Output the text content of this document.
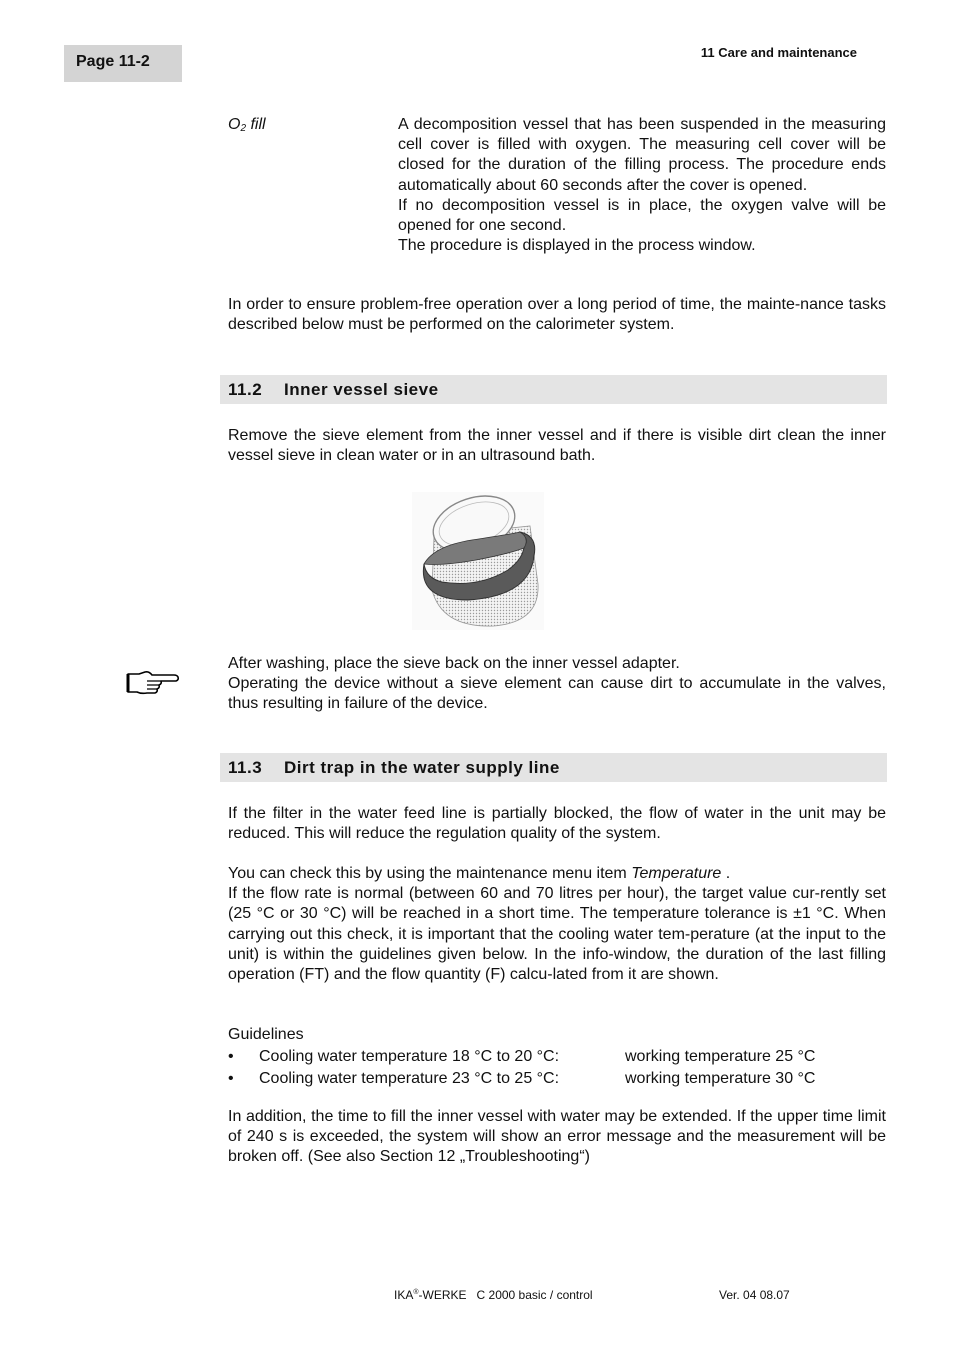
Page 11-2
11 Care and maintenance
$O_2$ fill	A decomposition vessel that has been suspended in the measuring cell cover is filled with oxygen. The measuring cell cover will be closed for the duration of the filling process. The procedure ends automatically about 60 seconds after the cover is opened.
If no decomposition vessel is in place, the oxygen valve will be opened for one second.
The procedure is displayed in the process window.
In order to ensure problem-free operation over a long period of time, the mainte-nance tasks described below must be performed on the calorimeter system.
11.2 Inner vessel sieve
Remove the sieve element from the inner vessel and if there is visible dirt clean the inner vessel sieve in clean water or in an ultrasound bath.
After washing, place the sieve back on the inner vessel adapter.
Operating the device without a sieve element can cause dirt to accumulate in the valves, thus resulting in failure of the device.
11.3 Dirt trap in the water supply line
If the filter in the water feed line is partially blocked, the flow of water in the unit may be reduced. This will reduce the regulation quality of the system.
You can check this by using the maintenance menu item Temperature .
If the flow rate is normal (between 60 and 70 litres per hour), the target value cur-rently set (25 °C or 30 °C) will be reached in a short time. The temperature tolerance is ±1 °C. When carrying out this check, it is important that the cooling water tem-perature (at the input to the unit) is within the guidelines given below. In the info-window, the duration of the last filling operation (FT) and the flow quantity (F) calcu-lated from it are shown.
Guidelines
• Cooling water temperature 18 °C to 20 °C:	working temperature 25 °C
• Cooling water temperature 23 °C to 25 °C:	working temperature 30 °C
In addition, the time to fill the inner vessel with water may be extended. If the upper time limit of 240 s is exceeded, the system will show an error message and the measurement will be broken off. (See also Section 12 „Troubleshooting“)
IKA®-WERKE   C 2000 basic / control	Ver. 04 08.07
